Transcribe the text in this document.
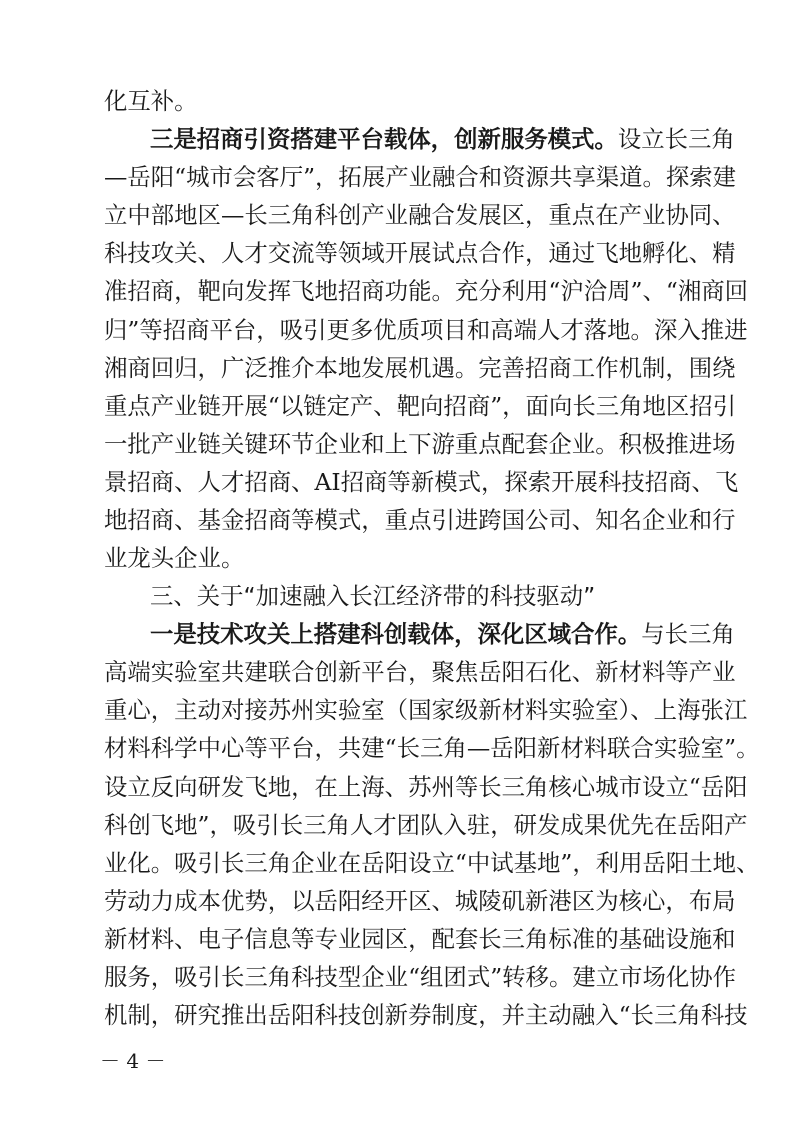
化互补。
三是招商引资搭建平台载体，创新服务模式。设立长三角
—岳阳“城市会客厅”，拓展产业融合和资源共享渠道。探索建
立中部地区—长三角科创产业融合发展区，重点在产业协同、
科技攻关、人才交流等领域开展试点合作，通过飞地孵化、精
准招商，靶向发挥飞地招商功能。充分利用“沪洽周”、“湘商回
归”等招商平台，吸引更多优质项目和高端人才落地。深入推进
湘商回归，广泛推介本地发展机遇。完善招商工作机制，围绕
重点产业链开展“以链定产、靶向招商”，面向长三角地区招引
一批产业链关键环节企业和上下游重点配套企业。积极推进场
景招商、人才招商、AI招商等新模式，探索开展科技招商、飞
地招商、基金招商等模式，重点引进跨国公司、知名企业和行
业龙头企业。
三、关于“加速融入长江经济带的科技驱动”
一是技术攻关上搭建科创载体，深化区域合作。与长三角
高端实验室共建联合创新平台，聚焦岳阳石化、新材料等产业
重心，主动对接苏州实验室（国家级新材料实验室）、上海张江
材料科学中心等平台，共建“长三角—岳阳新材料联合实验室”。
设立反向研发飞地，在上海、苏州等长三角核心城市设立“岳阳
科创飞地”，吸引长三角人才团队入驻，研发成果优先在岳阳产
业化。吸引长三角企业在岳阳设立“中试基地”，利用岳阳土地、
劳动力成本优势，以岳阳经开区、城陵矶新港区为核心，布局
新材料、电子信息等专业园区，配套长三角标准的基础设施和
服务，吸引长三角科技型企业“组团式”转移。建立市场化协作
机制，研究推出岳阳科技创新券制度，并主动融入“长三角科技
－ 4 －
